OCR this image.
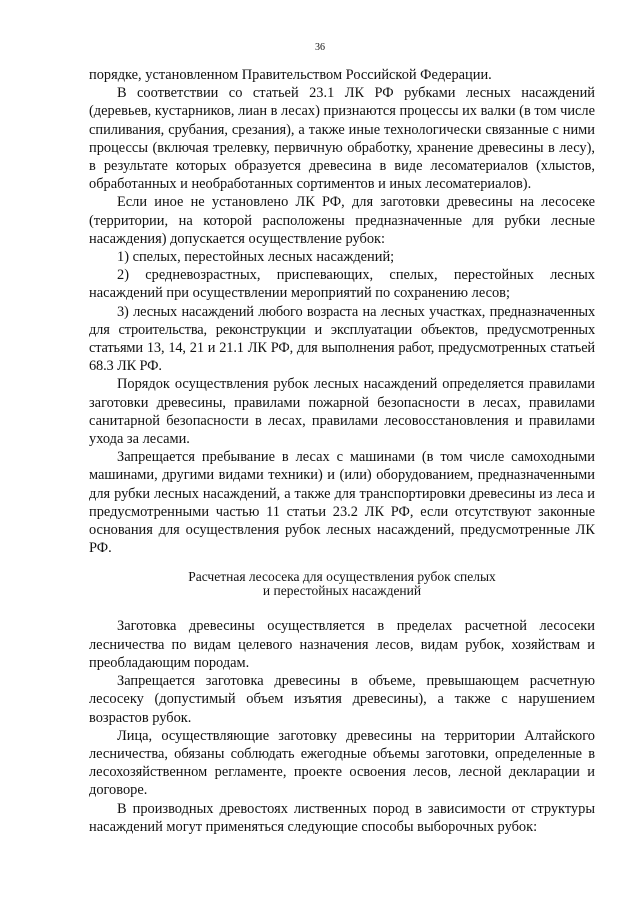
36

порядке, установленном Правительством Российской Федерации.

В соответствии со статьей 23.1 ЛК РФ рубками лесных насаждений (деревьев, кустарников, лиан в лесах) признаются процессы их валки (в том числе спиливания, срубания, срезания), а также иные технологически связанные с ними процессы (включая трелевку, первичную обработку, хранение древесины в лесу), в результате которых образуется древесина в виде лесоматериалов (хлыстов, обработанных и необработанных сортиментов и иных лесоматериалов).

Если иное не установлено ЛК РФ, для заготовки древесины на лесосеке (территории, на которой расположены предназначенные для рубки лесные насаждения) допускается осуществление рубок:

1) спелых, перестойных лесных насаждений;

2) средневозрастных, приспевающих, спелых, перестойных лесных насаждений при осуществлении мероприятий по сохранению лесов;

3) лесных насаждений любого возраста на лесных участках, предназначенных для строительства, реконструкции и эксплуатации объектов, предусмотренных статьями 13, 14, 21 и 21.1 ЛК РФ, для выполнения работ, предусмотренных статьей 68.3 ЛК РФ.

Порядок осуществления рубок лесных насаждений определяется правилами заготовки древесины, правилами пожарной безопасности в лесах, правилами санитарной безопасности в лесах, правилами лесовосстановления и правилами ухода за лесами.

Запрещается пребывание в лесах с машинами (в том числе самоходными машинами, другими видами техники) и (или) оборудованием, предназначенными для рубки лесных насаждений, а также для транспортировки древесины из леса и предусмотренными частью 11 статьи 23.2 ЛК РФ, если отсутствуют законные основания для осуществления рубок лесных насаждений, предусмотренные ЛК РФ.

Расчетная лесосека для осуществления рубок спелых
и перестойных насаждений

Заготовка древесины осуществляется в пределах расчетной лесосеки лесничества по видам целевого назначения лесов, видам рубок, хозяйствам и преобладающим породам.

Запрещается заготовка древесины в объеме, превышающем расчетную лесосеку (допустимый объем изъятия древесины), а также с нарушением возрастов рубок.

Лица, осуществляющие заготовку древесины на территории Алтайского лесничества, обязаны соблюдать ежегодные объемы заготовки, определенные в лесохозяйственном регламенте, проекте освоения лесов, лесной декларации и договоре.

В производных древостоях лиственных пород в зависимости от структуры насаждений могут применяться следующие способы выборочных рубок:
